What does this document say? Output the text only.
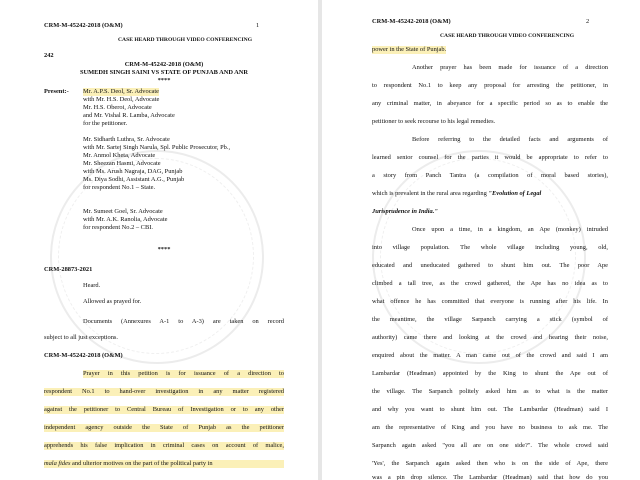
CRM-M-45242-2018 (O&M)	1
CASE HEARD THROUGH VIDEO CONFERENCING
242
CRM-M-45242-2018 (O&M)
SUMEDH SINGH SAINI VS STATE OF PUNJAB AND ANR
****
Present:- Mr. A.P.S. Deol, Sr. Advocate
with Mr. H.S. Deol, Advocate
Mr. H.S. Oberoi, Advocate
and Mr. Vishal R. Lamba, Advocate
for the petitioner.
Mr. Sidharth Luthra, Sr. Advocate
with Mr. Sartej Singh Narula, Spl. Public Prosecutor, Pb.,
Mr. Anmol Kheta, Advocate
Mr. Sheezan Hasmi, Advocate
with Ms. Arush Nagraja, DAG, Punjab
Ms. Diya Sodhi, Assistant A.G., Punjab
for respondent No.1 – State.
Mr. Sumeet Goel, Sr. Advocate
with Mr. A.K. Ranolia, Advocate
for respondent No.2 – CBI.
****
CRM-28873-2021
Heard.
Allowed as prayed for.
Documents (Annexures A-1 to A-3) are taken on record
subject to all just exceptions.
CRM-M-45242-2018 (O&M)
Prayer in this petition is for issuance of a direction to
respondent No.1 to hand-over investigation in any matter registered
against the petitioner to Central Bureau of Investigation or to any other
independent agency outside the State of Punjab as the petitioner
apprehends his false implication in criminal cases on account of malice,
mala fides and ulterior motives on the part of the political party in
CRM-M-45242-2018 (O&M)	2
CASE HEARD THROUGH VIDEO CONFERENCING
power in the State of Punjab.
Another prayer has been made for issuance of a direction
to respondent No.1 to keep any proposal for arresting the petitioner, in
any criminal matter, in abeyance for a specific period so as to enable the
petitioner to seek recourse to his legal remedies.
Before referring to the detailed facts and arguments of
learned senior counsel for the parties it would be appropriate to refer to
a story from Panch Tantra (a compilation of moral based stories),
which is prevalent in the rural area regarding "Evolution of Legal
Jurisprudence in India."
Once upon a time, in a kingdom, an Ape (monkey) intruded
into village population. The whole village including young, old,
educated and uneducated gathered to shunt him out. The poor Ape
climbed a tall tree, as the crowd gathered, the Ape has no idea as to
what offence he has committed that everyone is running after his life. In
the meantime, the village Sarpanch carrying a stick (symbol of
authority) came there and looking at the crowd and hearing their noise,
enquired about the matter. A man came out of the crowd and said I am
Lambardar (Headman) appointed by the King to shunt the Ape out of
the village. The Sarpanch politely asked him as to what is the matter
and why you want to shunt him out. The Lambardar (Headman) said I
am the representative of King and you have no business to ask me. The
Sarpanch again asked "you all are on one side?". The whole crowd said
'Yes', the Sarpanch again asked then who is on the side of Ape, there
was a pin drop silence. The Lambardar (Headman) said that how do you
